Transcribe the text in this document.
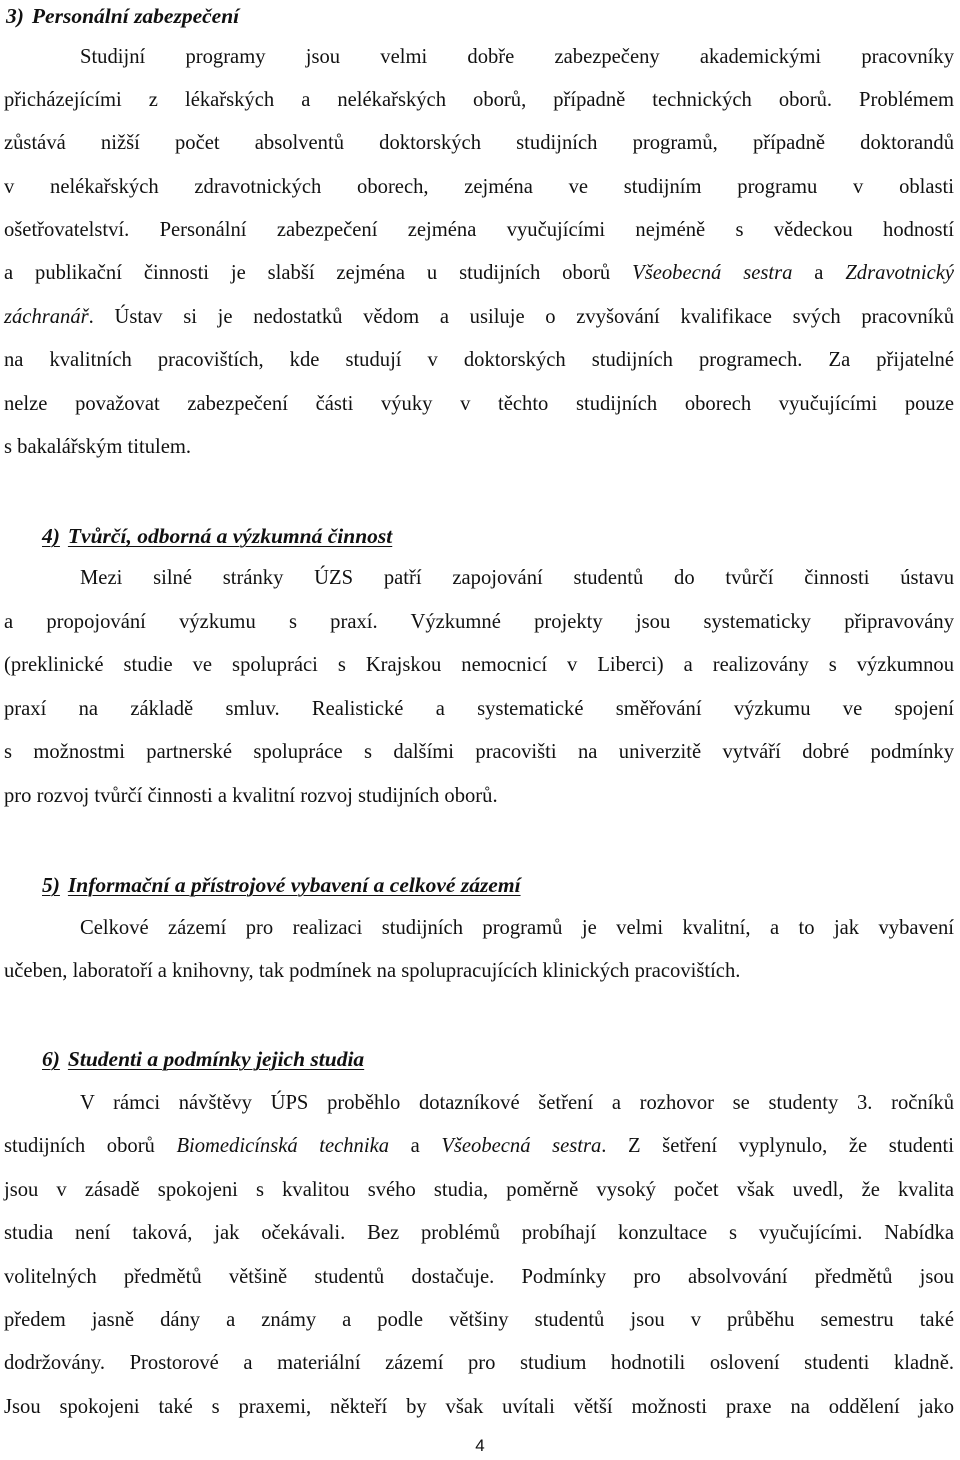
3) Personální zabezpečení
Studijní programy jsou velmi dobře zabezpečeny akademickými pracovníky
přicházejícími z lékařských a nelékařských oborů, případně technických oborů. Problémem
zůstává nižší počet absolventů doktorských studijních programů, případně doktorandů
v nelékařských zdravotnických oborech, zejména ve studijním programu v oblasti
ošetřovatelství. Personální zabezpečení zejména vyučujícími nejméně s vědeckou hodností
a publikační činnosti je slabší zejména u studijních oborů Všeobecná sestra a Zdravotnický
záchranář. Ústav si je nedostatků vědom a usiluje o zvyšování kvalifikace svých pracovníků
na kvalitních pracovištích, kde studují v doktorských studijních programech. Za přijatelné
nelze považovat zabezpečení části výuky v těchto studijních oborech vyučujícími pouze
s bakalářským titulem.
4) Tvůrčí, odborná a výzkumná činnost
Mezi silné stránky ÚZS patří zapojování studentů do tvůrčí činnosti ústavu
a propojování výzkumu s praxí. Výzkumné projekty jsou systematicky připravovány
(preklinické studie ve spolupráci s Krajskou nemocnicí v Liberci) a realizovány s výzkumnou
praxí na základě smluv. Realistické a systematické směřování výzkumu ve spojení
s možnostmi partnerské spolupráce s dalšími pracovišti na univerzitě vytváří dobré podmínky
pro rozvoj tvůrčí činnosti a kvalitní rozvoj studijních oborů.
5) Informační a přístrojové vybavení a celkové zázemí
Celkové zázemí pro realizaci studijních programů je velmi kvalitní, a to jak vybavení
učeben, laboratoří a knihovny, tak podmínek na spolupracujících klinických pracovištích.
6) Studenti a podmínky jejich studia
V rámci návštěvy ÚPS proběhlo dotazníkové šetření a rozhovor se studenty 3. ročníků
studijních oborů Biomedicínská technika a Všeobecná sestra. Z šetření vyplynulo, že studenti
jsou v zásadě spokojeni s kvalitou svého studia, poměrně vysoký počet však uvedl, že kvalita
studia není taková, jak očekávali. Bez problémů probíhají konzultace s vyučujícími. Nabídka
volitelných předmětů většině studentů dostačuje. Podmínky pro absolvování předmětů jsou
předem jasně dány a známy a podle většiny studentů jsou v průběhu semestru také
dodržovány. Prostorové a materiální zázemí pro studium hodnotili oslovení studenti kladně.
Jsou spokojeni také s praxemi, někteří by však uvítali větší možnosti praxe na oddělení jako
4
